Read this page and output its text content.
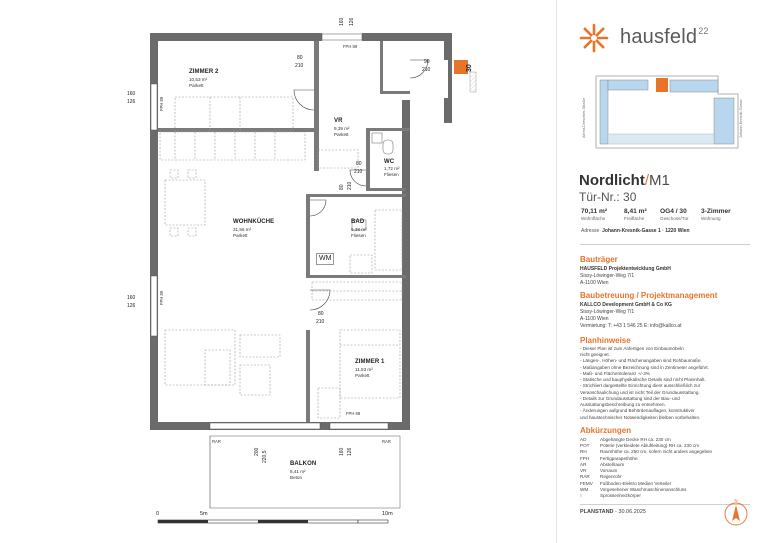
160 126
FPH 89
80
210
90
210	30
160
126	FPH 89
ZIMMER 2
10,53 m²
Parkett
VR
9,39 m²
Parkett
WC
1,72 m²
Fliesen
80
210
80 210
WOHNKÜCHE
31,56 m²
Parkett
BAD
5,38 m²
Fliesen
WM
160
126
FPH 89
80
210
ZIMMER 1
11,53 m²
Parkett
FPH 89
RAR	RAR
200 220,5	160 126
BALKON
8,41 m²
Beton
0	5m	10m
hausfeld$^{22}$
Alfred-Dreschler-Straße	Johann-Kresnik-Gasse
Nordlicht/M1
Tür-Nr.: 30
70,11 m²
Wohnfläche
8,41 m²
Freifläche
OG4 / 30
Geschoss/Tür
3-Zimmer
Wohnung
Adresse Johann-Kresnik-Gasse 1 · 1220 Wien
Bauträger
HAUSFELD Projektentwicklung GmbH
Sissy-Löwinger-Weg 7/1
A-1100 Wien
Baubetreuung / Projektmanagement
KALLCO Development GmbH & Co KG
Sissy-Löwinger-Weg 7/1
A-1100 Wien
Vermietung: T: +43 1 546 25 E: info@kallco.at
Planhinweise
- Dieser Plan ist zum Anfertigen von Einbaumöbeln
nicht geeignet.
- Längen-, Höhen- und Flächenangaben sind Rohbaumaße.
- Maßangaben ohne Bezeichnung sind in Zentimeter angeführt.
- Maß- und Flächentoleranz +/-3%
- Statische und bauphysikalische Details sind nicht Planinhalt.
- Strichliert dargestellte Einrichtung dient ausschließlich zur
Veranschaulichung und ist nicht Teil der Grundausstattung.
- Details zur Grundausstattung sind der Bau- und
Ausstattungsbeschreibung zu entnehmen.
- Änderungen aufgrund Behördenauflagen, konstruktiver
und haustechnischer Notwendigkeiten bleiben vorbehalten.
Abkürzungen
AD	Abgehängte Decke RH ca. 230 cm
POT	Poterie (verkleidete Abluftleitung) RH ca. 230 cm
RH	Raumhöhe ca. 250 cm, sofern nicht anders angegeben
FPH	Fertigparapethöhe
AR	Abstellraum
VR	Vorraum
RAR	Regenrohr
FEMV	Fußboden-Elektro Medien Verteiler
WM	Vorgesehener Waschmaschinenanschluss
⧚	Sprossenheizkörper
PLANSTAND - 30.06.2025
N
